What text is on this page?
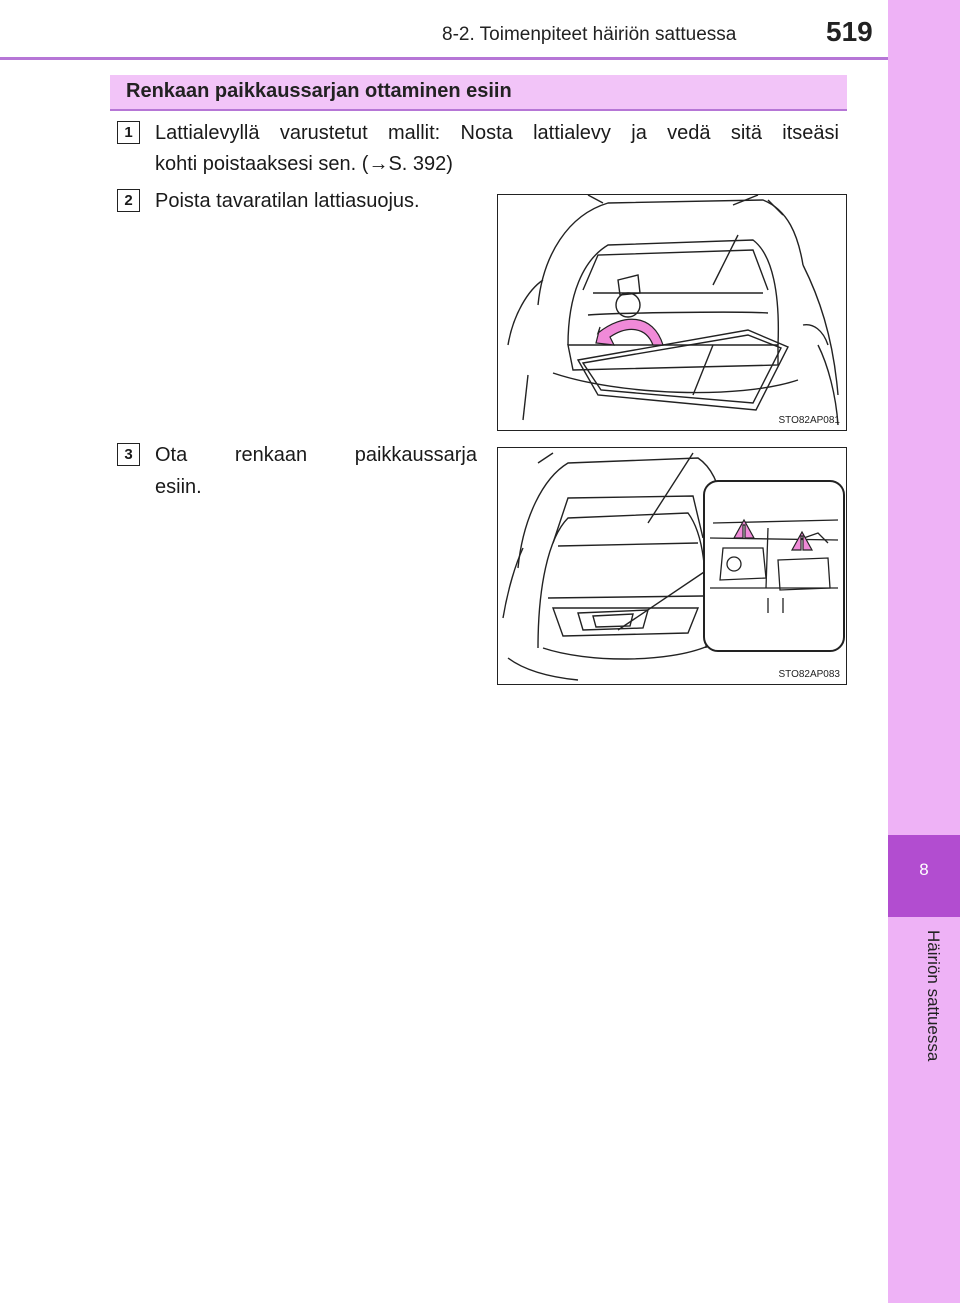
8-2. Toimenpiteet häiriön sattuessa	519
8
Häiriön sattuessa
Renkaan paikkaussarjan ottaminen esiin
1	Lattialevyllä varustetut mallit: Nosta lattialevy ja vedä sitä itseäsi
kohti poistaaksesi sen. (→S. 392)
2	Poista tavaratilan lattiasuojus.
STO82AP081
3	Ota renkaan paikkaussarja
esiin.
STO82AP083
